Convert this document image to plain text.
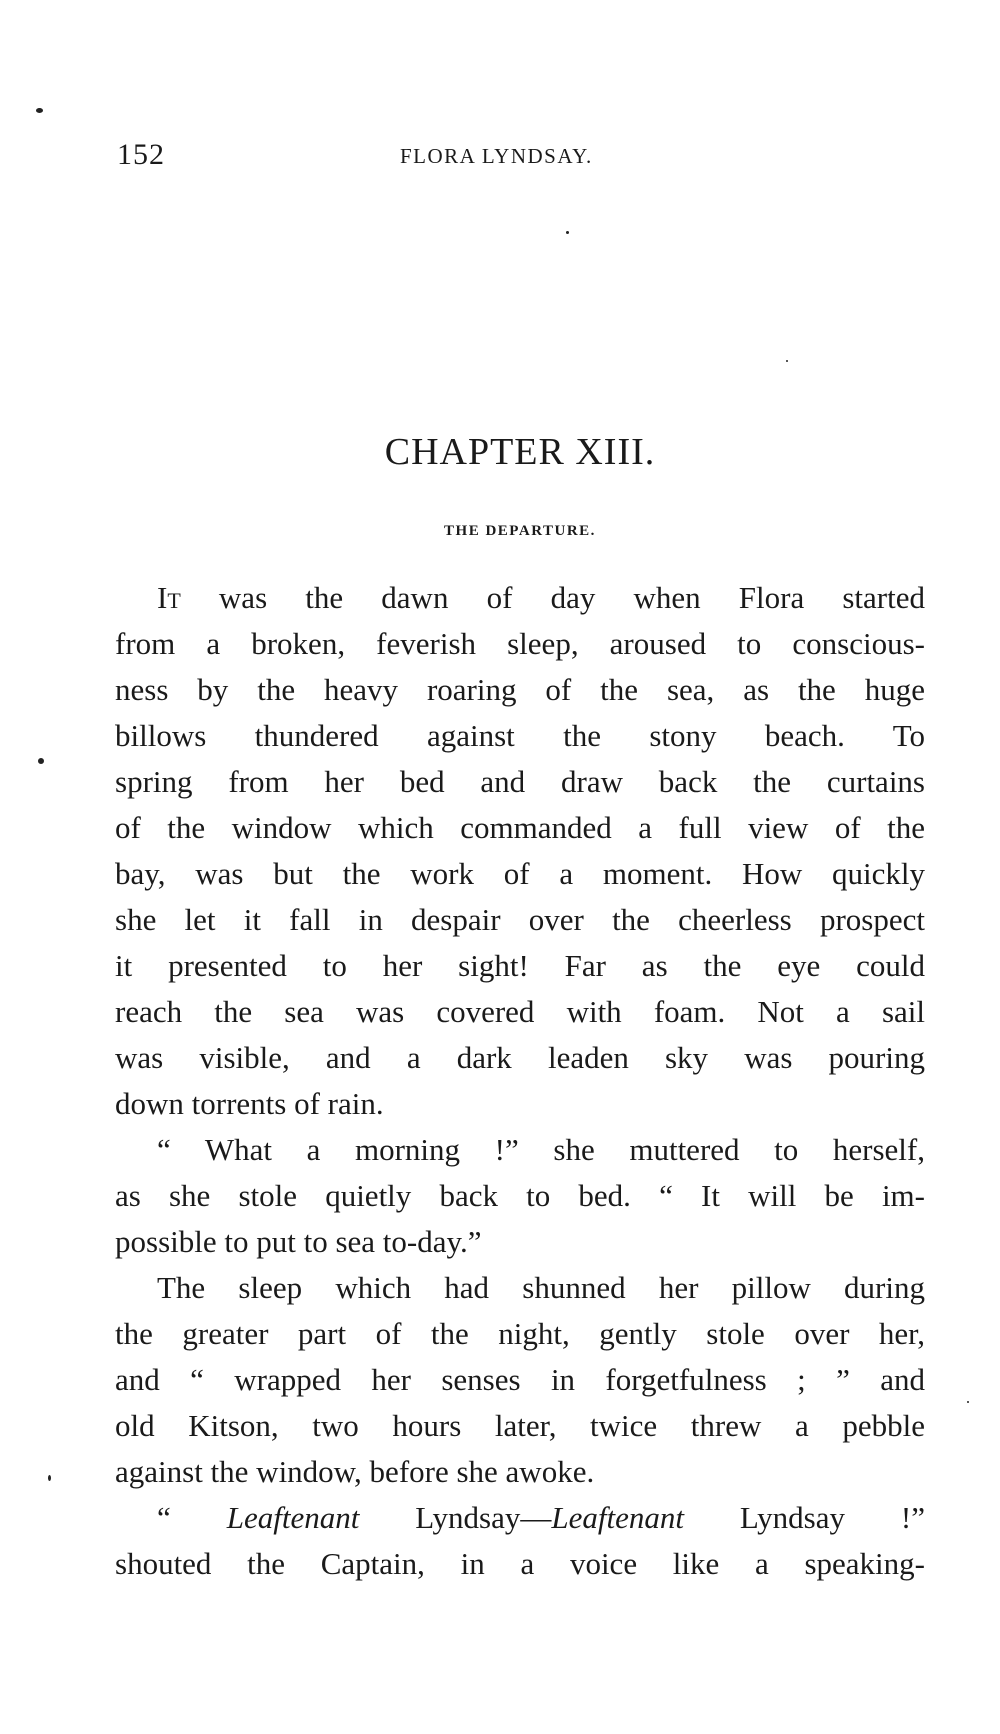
152	FLORA LYNDSAY.
CHAPTER XIII.
THE DEPARTURE.
It was the dawn of day when Flora started
from a broken, feverish sleep, aroused to conscious-
ness by the heavy roaring of the sea, as the huge
billows thundered against the stony beach. To
spring from her bed and draw back the curtains
of the window which commanded a full view of the
bay, was but the work of a moment. How quickly
she let it fall in despair over the cheerless prospect
it presented to her sight! Far as the eye could
reach the sea was covered with foam. Not a sail
was visible, and a dark leaden sky was pouring
down torrents of rain.
“ What a morning !” she muttered to herself,
as she stole quietly back to bed. “ It will be im-
possible to put to sea to-day.”
The sleep which had shunned her pillow during
the greater part of the night, gently stole over her,
and “ wrapped her senses in forgetfulness ; ” and
old Kitson, two hours later, twice threw a pebble
against the window, before she awoke.
“ Leaftenant Lyndsay—Leaftenant Lyndsay !”
shouted the Captain, in a voice like a speaking-
